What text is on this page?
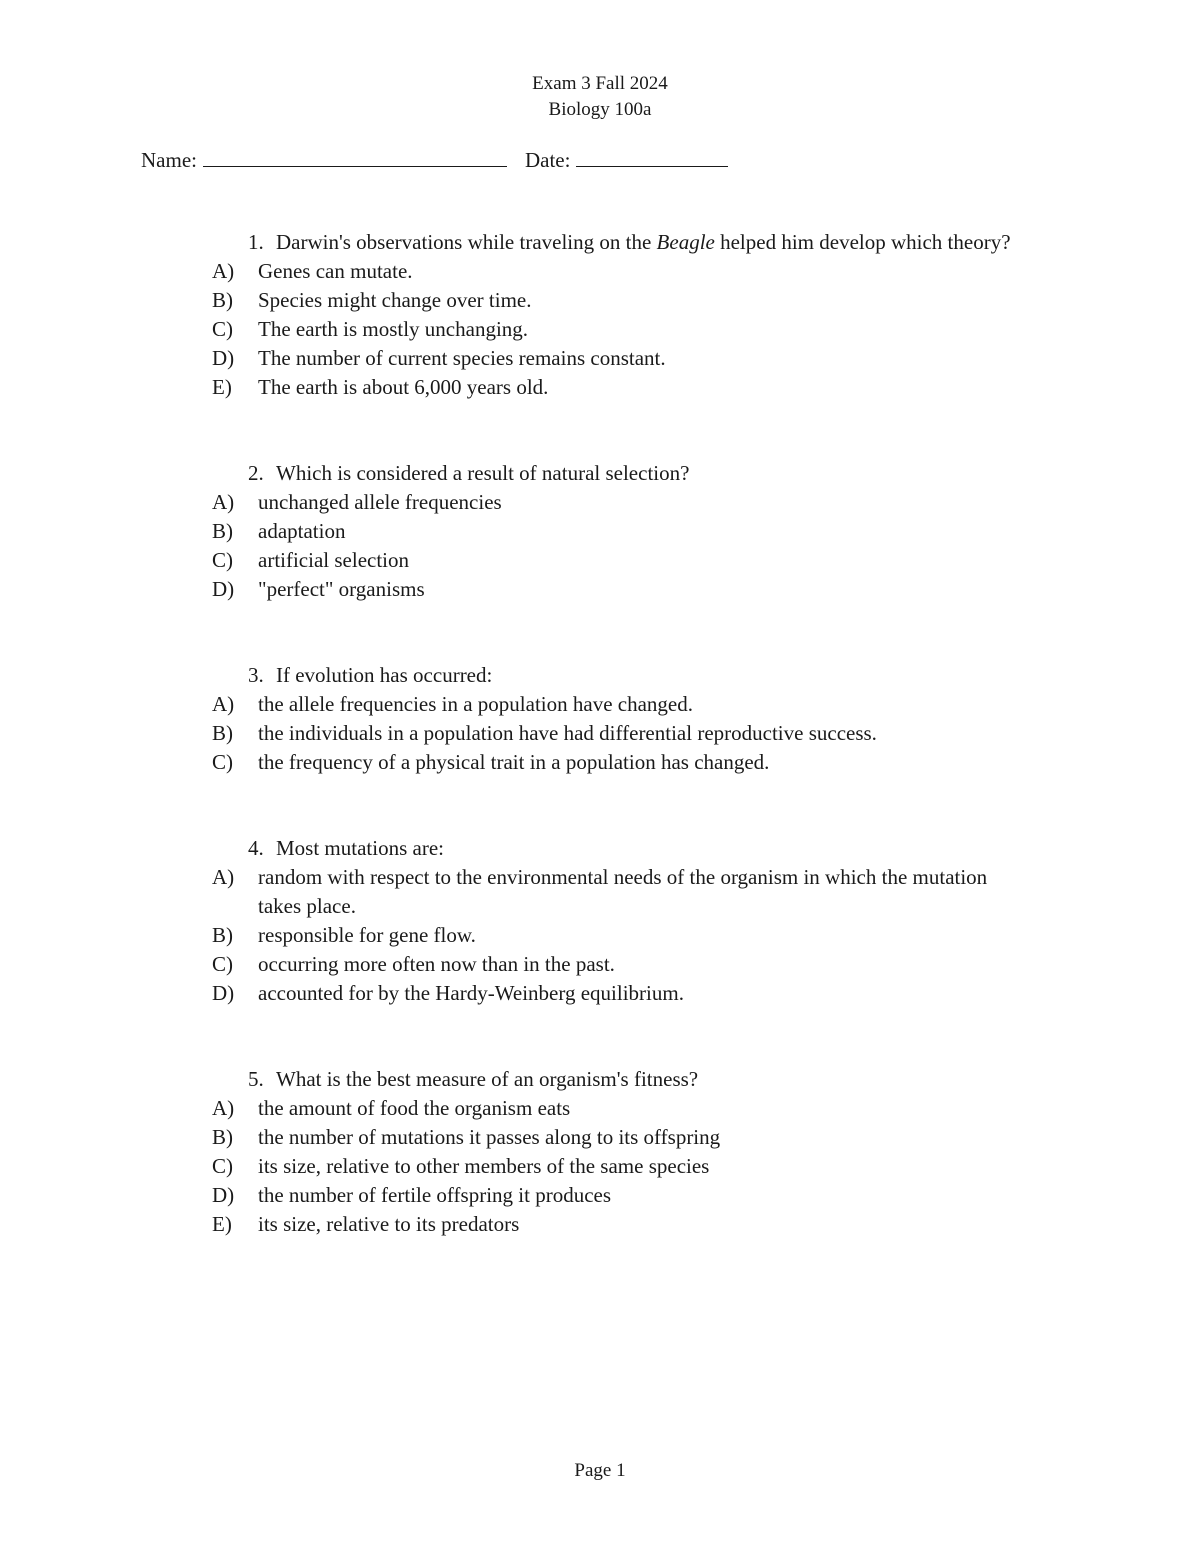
Exam 3 Fall 2024
Biology 100a
Name:	Date:
1. Darwin's observations while traveling on the Beagle helped him develop which theory?
A) Genes can mutate.
B) Species might change over time.
C) The earth is mostly unchanging.
D) The number of current species remains constant.
E) The earth is about 6,000 years old.
2. Which is considered a result of natural selection?
A) unchanged allele frequencies
B) adaptation
C) artificial selection
D) "perfect" organisms
3. If evolution has occurred:
A) the allele frequencies in a population have changed.
B) the individuals in a population have had differential reproductive success.
C) the frequency of a physical trait in a population has changed.
4. Most mutations are:
A) random with respect to the environmental needs of the organism in which the mutation takes place.
B) responsible for gene flow.
C) occurring more often now than in the past.
D) accounted for by the Hardy-Weinberg equilibrium.
5. What is the best measure of an organism's fitness?
A) the amount of food the organism eats
B) the number of mutations it passes along to its offspring
C) its size, relative to other members of the same species
D) the number of fertile offspring it produces
E) its size, relative to its predators
Page 1
